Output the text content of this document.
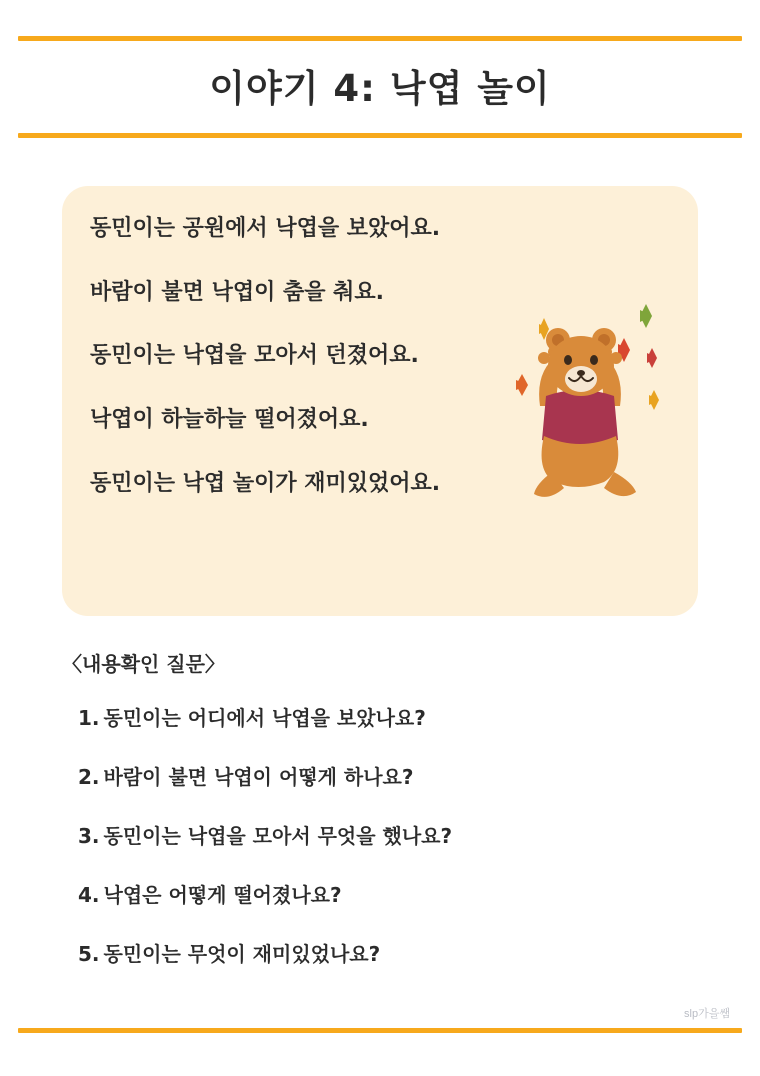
이야기 4: 낙엽 놀이

동민이는 공원에서 낙엽을 보았어요.

바람이 불면 낙엽이 춤을 춰요.

동민이는 낙엽을 모아서 던졌어요.

낙엽이 하늘하늘 떨어졌어요.

동민이는 낙엽 놀이가 재미있었어요.

〈내용확인 질문〉
1. 동민이는 어디에서 낙엽을 보았나요?
2. 바람이 불면 낙엽이 어떻게 하나요?
3. 동민이는 낙엽을 모아서 무엇을 했나요?
4. 낙엽은 어떻게 떨어졌나요?
5. 동민이는 무엇이 재미있었나요?
slp가을쌤
